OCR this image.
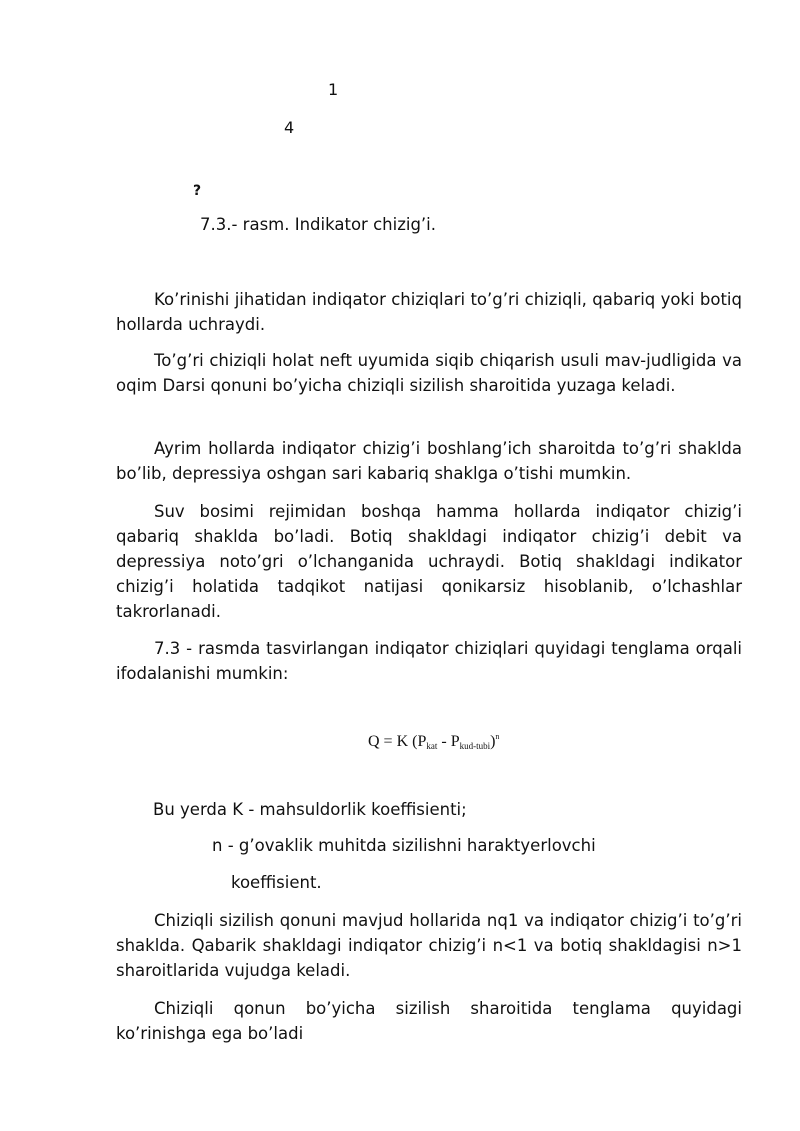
1
4
?
7.3.- rasm. Indikator chizig’i.

Ko’rinishi jihatidan indiqator chiziqlari to’g’ri chiziqli, qabariq yoki botiq hollarda uchraydi.

To’g’ri chiziqli holat neft uyumida siqib chiqarish usuli mav-judligida va oqim Darsi qonuni bo’yicha chiziqli sizilish sharoitida yuzaga keladi.

Ayrim hollarda indiqator chizig’i boshlang’ich sharoitda to’g’ri shaklda bo’lib, depressiya oshgan sari kabariq shaklga o’tishi mumkin.

Suv bosimi rejimidan boshqa hamma hollarda indiqator chizig’i qabariq shaklda bo’ladi. Botiq shakldagi indiqator chizig’i debit va depressiya noto’gri o’lchanganida uchraydi. Botiq shakldagi indikator chizig’i holatida tadqikot natijasi qonikarsiz hisoblanib, o’lchashlar takrorlanadi.

7.3 - rasmda tasvirlangan indiqator chiziqlari quyidagi tenglama orqali ifodalanishi mumkin:

Q = K $(P_{kat} - P_{kud-tubi})^n$
Bu yerda K - mahsuldorlik koeffisienti;
n - g’ovaklik muhitda sizilishni haraktyerlovchi
koeffisient.

Chiziqli sizilish qonuni mavjud hollarida nq1 va indiqator chizig’i to’g’ri shaklda. Qabarik shakldagi indiqator chizig’i n<1 va botiq shakldagisi n>1 sharoitlarida vujudga keladi.

Chiziqli qonun bo’yicha sizilish sharoitida tenglama quyidagi ko’rinishga ega bo’ladi
